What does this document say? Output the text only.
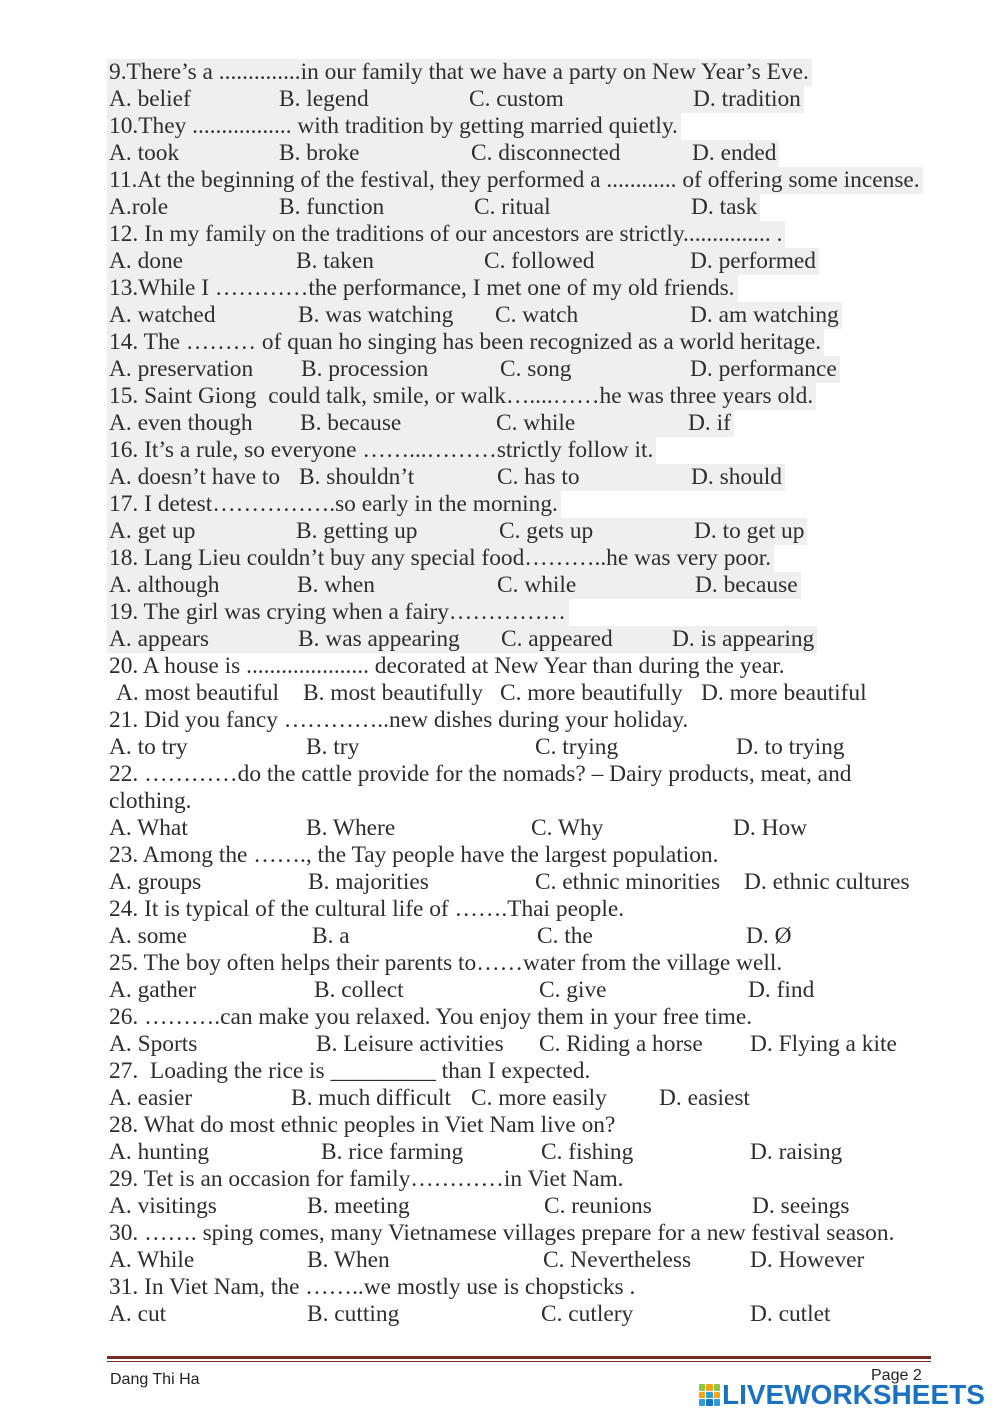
9.There’s a ..............in our family that we have a party on New Year’s Eve.
A. belief	B. legend	C. custom	D. tradition
10.They ................. with tradition by getting married quietly.
A. took	B. broke	C. disconnected	D. ended
11.At the beginning of the festival, they performed a ............ of offering some incense.
A.role	B. function	C. ritual	D. task
12. In my family on the traditions of our ancestors are strictly............... .
A. done	B. taken	C. followed	D. performed
13.While I …………the performance, I met one of my old friends.
A. watched	B. was watching C. watch	D. am watching
14. The ……… of quan ho singing has been recognized as a world heritage.
A. preservation B. procession	C. song	D. performance
15. Saint Giong  could talk, smile, or walk…....……he was three years old.
A. even though B. because	C. while	D. if
16. It’s a rule, so everyone ……...………strictly follow it.
A. doesn’t have to B. shouldn’t	C. has to	D. should
17. I detest…………….so early in the morning.
A. get up	B. getting up	C. gets up	D. to get up
18. Lang Lieu couldn’t buy any special food………..he was very poor.
A. although	B. when	C. while	D. because
19. The girl was crying when a fairy……………
A. appears	B. was appearing C. appeared	D. is appearing
20. A house is ..................... decorated at New Year than during the year.
A. most beautiful B. most beautifully C. more beautifully D. more beautiful
21. Did you fancy …………..new dishes during your holiday.
A. to try	B. try	C. trying	D. to trying
22. …………do the cattle provide for the nomads? – Dairy products, meat, and
clothing.
A. What	B. Where	C. Why	D. How
23. Among the ……., the Tay people have the largest population.
A. groups	B. majorities	C. ethnic minorities D. ethnic cultures
24. It is typical of the cultural life of …….Thai people.
A. some	B. a	C. the	D. Ø
25. The boy often helps their parents to……water from the village well.
A. gather	B. collect	C. give	D. find
26. ……….can make you relaxed. You enjoy them in your free time.
A. Sports	B. Leisure activities C. Riding a horse D. Flying a kite
27.  Loading the rice is _________ than I expected.
A. easier	B. much difficult C. more easily D. easiest
28. What do most ethnic peoples in Viet Nam live on?
A. hunting	B. rice farming	C. fishing	D. raising
29. Tet is an occasion for family…………in Viet Nam.
A. visitings	B. meeting	C. reunions	D. seeings
30. ……. sping comes, many Vietnamese villages prepare for a new festival season.
A. While	B. When	C. Nevertheless	D. However
31. In Viet Nam, the ……..we mostly use is chopsticks .
A. cut	B. cutting	C. cutlery	D. cutlet
Dang Thi Ha	Page 2
LIVEWORKSHEETS
